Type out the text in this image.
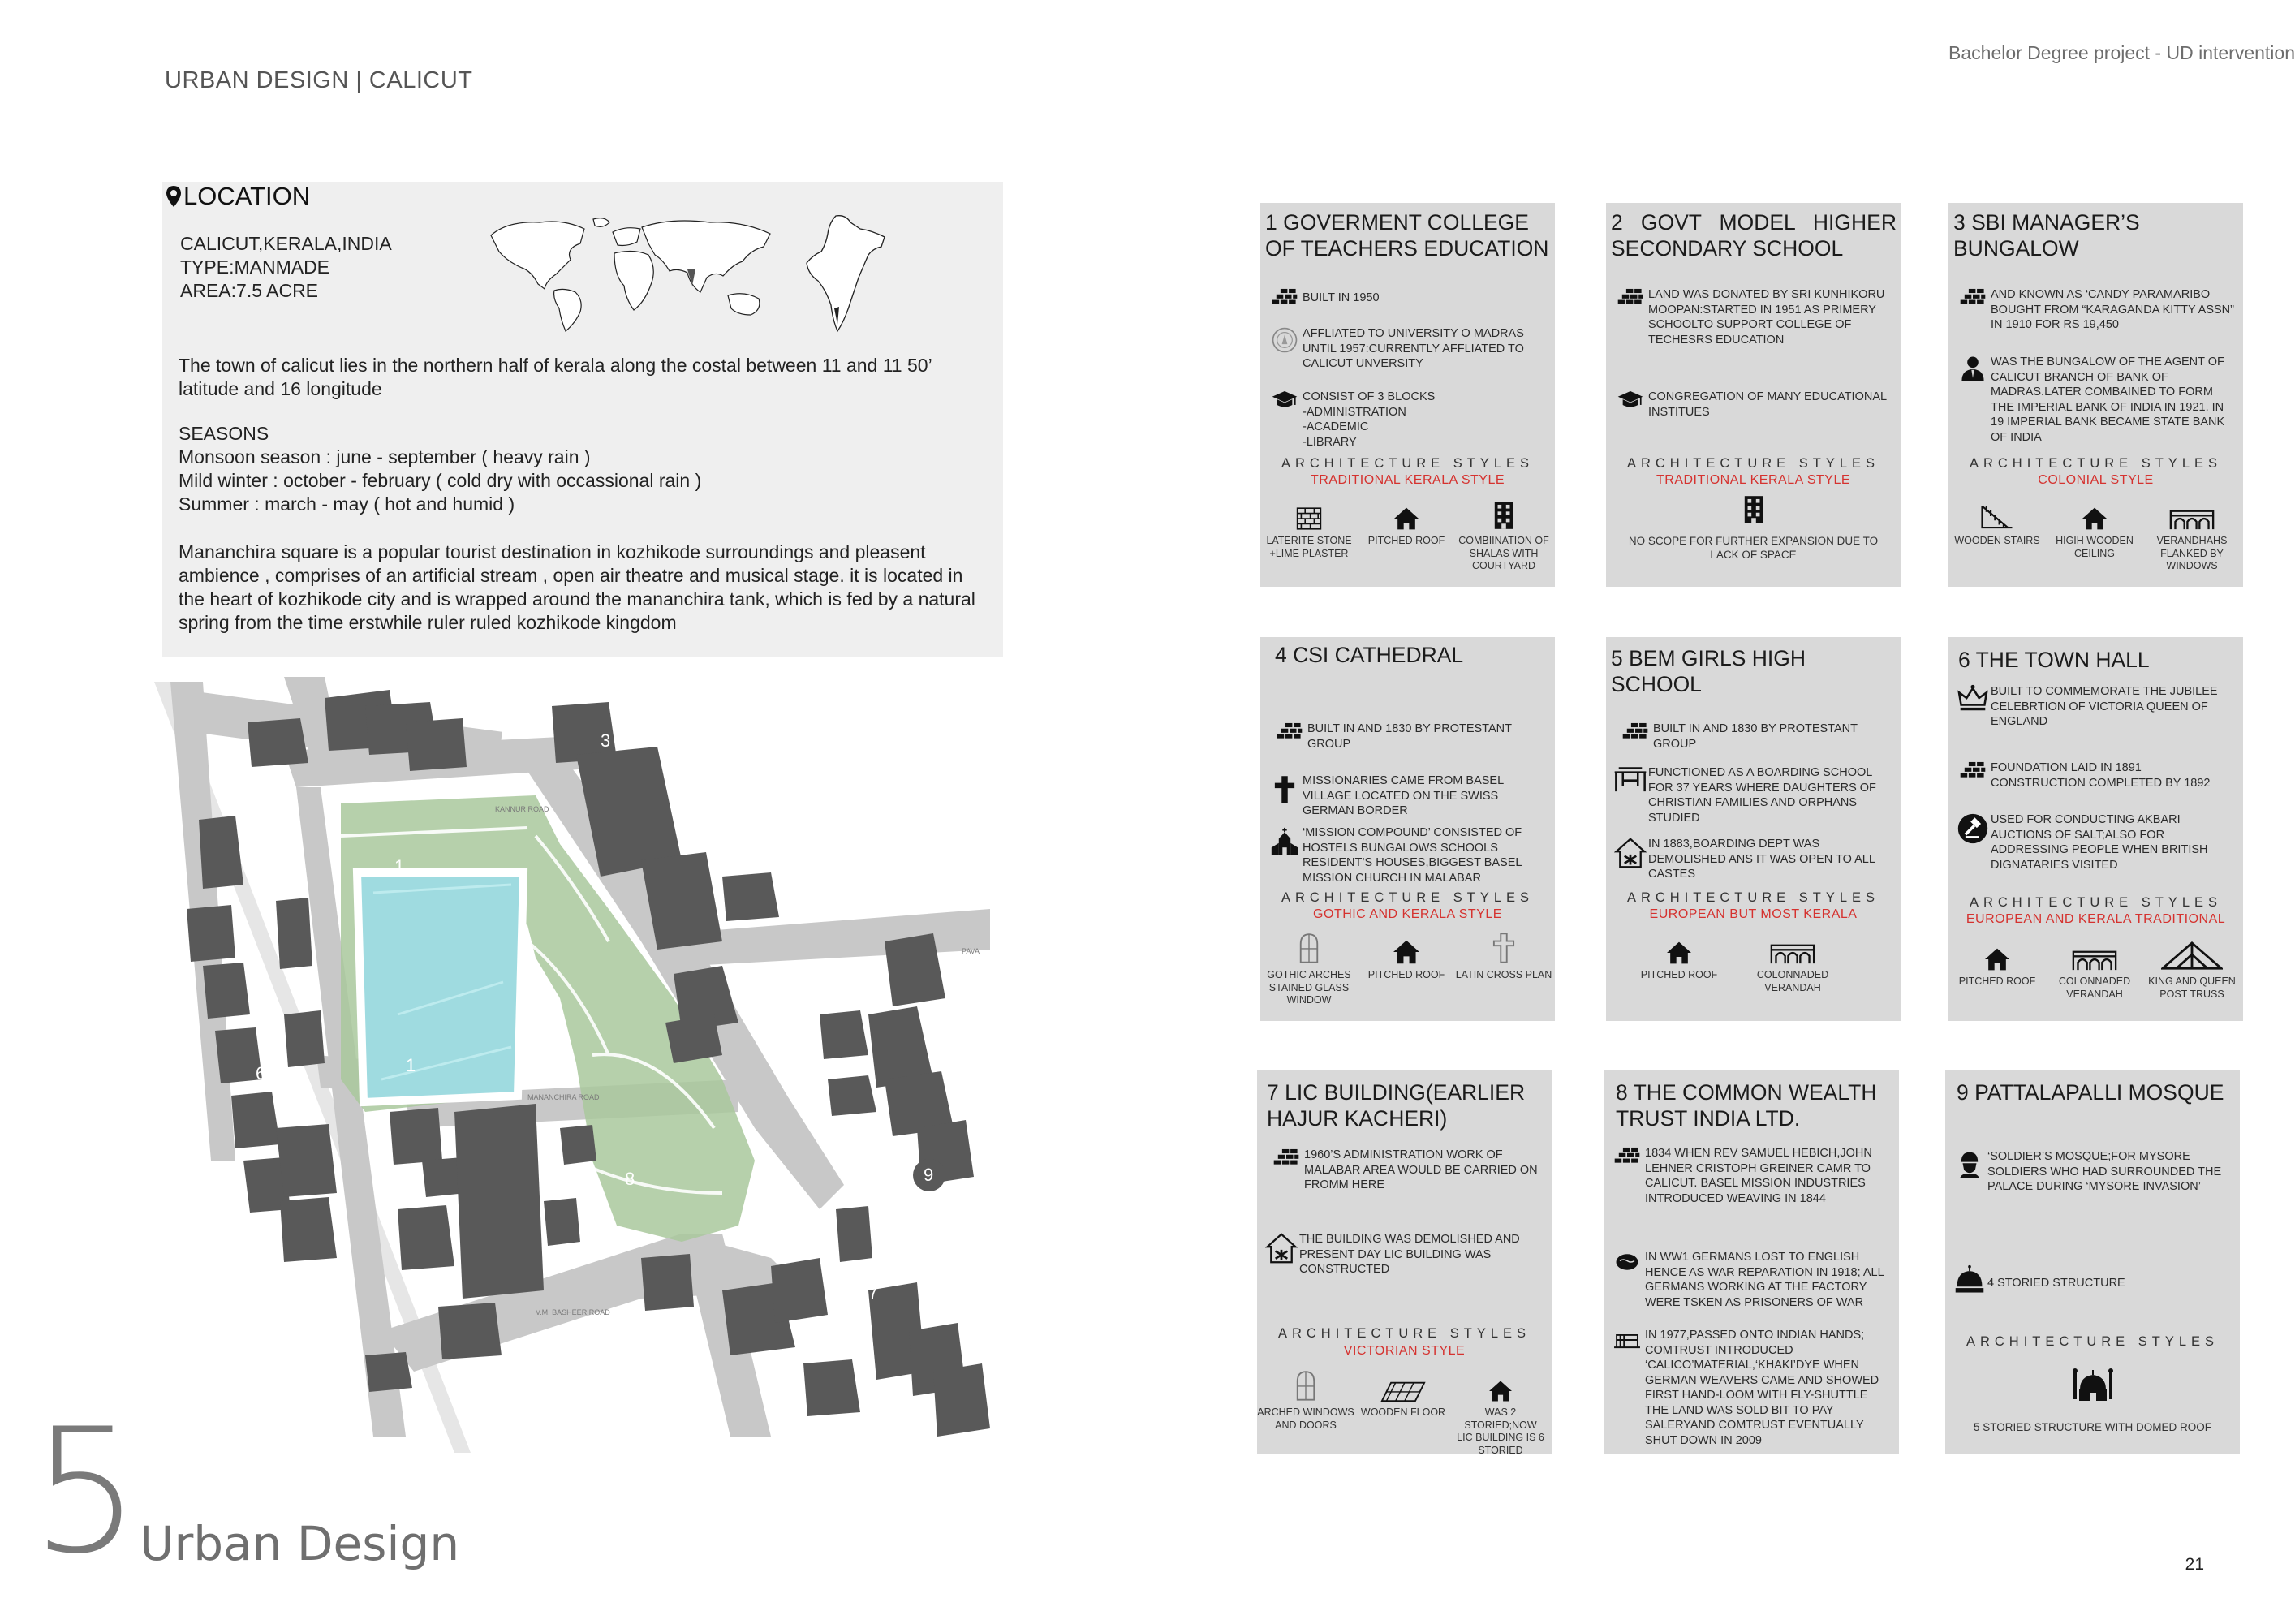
Bachelor Degree project - UD intervention
URBAN DESIGN | CALICUT
LOCATION
CALICUT,KERALA,INDIA
TYPE:MANMADE
AREA:7.5 ACRE
The town of calicut lies in the northern half of kerala along the costal between 11 and 11 50’ latitude and 16 longitude
SEASONS
Monsoon season : june - september ( heavy rain )
Mild winter : october - february ( cold dry with occassional rain )
Summer : march - may ( hot and humid )
Mananchira square is a popular tourist destination in kozhikode surroundings and pleasent ambience , comprises of an artificial stream , open air theatre and musical stage. it is located in the heart of kozhikode city and is wrapped around the mananchira tank, which is fed by a natural spring from the time erstwhile ruler ruled kozhikode kingdom
3	4
5
1
2
1
6
8
7
9
KANNUR ROAD
MANANCHIRA ROAD
V.M. BASHEER ROAD
PAVA
5 Urban Design	21
1 GOVERMENT COLLEGE OF TEACHERS EDUCATION
BUILT IN 1950
AFFLIATED TO UNIVERSITY O MADRAS UNTIL 1957:CURRENTLY AFFLIATED TO CALICUT UNVERSITY
CONSIST OF 3 BLOCKS
-ADMINISTRATION
-ACADEMIC
-LIBRARY
ARCHITECTURE STYLES
TRADITIONAL KERALA STYLE
LATERITE STONE +LIME PLASTER
PITCHED ROOF	COMBIINATION OF SHALAS WITH COURTYARD
2 GOVT MODEL HIGHER SECONDARY SCHOOL
LAND WAS DONATED BY SRI KUNHIKORU MOOPAN:STARTED IN 1951 AS PRIMERY SCHOOLTO SUPPORT COLLEGE OF TECHESRS EDUCATION
CONGREGATION OF MANY EDUCATIONAL INSTITUES
ARCHITECTURE STYLES
TRADITIONAL KERALA STYLE
NO SCOPE FOR FURTHER EXPANSION DUE TO LACK OF SPACE
3 SBI MANAGER’S BUNGALOW
AND KNOWN AS ‘CANDY PARAMARIBO BOUGHT FROM “KARAGANDA KITTY ASSN” IN 1910 FOR RS 19,450
WAS THE BUNGALOW OF THE AGENT OF CALICUT BRANCH OF BANK OF MADRAS.LATER COMBAINED TO FORM THE IMPERIAL BANK OF INDIA IN 1921. IN 19 IMPERIAL BANK BECAME STATE BANK OF INDIA
ARCHITECTURE STYLES
COLONIAL STYLE
WOODEN STAIRS	HIGIH WOODEN CEILING
VERANDHAHS FLANKED BY WINDOWS
4 CSI CATHEDRAL
BUILT IN AND 1830 BY PROTESTANT GROUP
MISSIONARIES CAME FROM BASEL VILLAGE LOCATED ON THE SWISS GERMAN BORDER
‘MISSION COMPOUND’ CONSISTED OF HOSTELS BUNGALOWS SCHOOLS RESIDENT’S HOUSES,BIGGEST BASEL MISSION CHURCH IN MALABAR
ARCHITECTURE STYLES
GOTHIC AND KERALA STYLE
GOTHIC ARCHES STAINED GLASS WINDOW
PITCHED ROOF	LATIN CROSS PLAN
5 BEM GIRLS HIGH SCHOOL
BUILT IN AND 1830 BY PROTESTANT GROUP
FUNCTIONED AS A BOARDING SCHOOL FOR 37 YEARS WHERE DAUGHTERS OF CHRISTIAN FAMILIES AND ORPHANS STUDIED
IN 1883,BOARDING DEPT WAS DEMOLISHED ANS IT WAS OPEN TO ALL CASTES
ARCHITECTURE STYLES
EUROPEAN BUT MOST KERALA
PITCHED ROOF	COLONNADED VERANDAH
6 THE TOWN HALL
BUILT TO COMMEMORATE THE JUBILEE CELEBRTION OF VICTORIA QUEEN OF ENGLAND
FOUNDATION LAID IN 1891 CONSTRUCTION COMPLETED BY 1892
USED FOR CONDUCTING AKBARI AUCTIONS OF SALT;ALSO FOR ADDRESSING PEOPLE WHEN BRITISH DIGNATARIES VISITED
ARCHITECTURE STYLES
EUROPEAN AND KERALA TRADITIONAL
PITCHED ROOF	COLONNADED VERANDAH
KING AND QUEEN POST TRUSS
7 LIC BUILDING(EARLIER HAJUR KACHERI)
1960’S ADMINISTRATION WORK OF MALABAR AREA WOULD BE CARRIED ON FROMM HERE
THE BUILDING WAS DEMOLISHED AND PRESENT DAY LIC BUILDING WAS CONSTRUCTED
ARCHITECTURE STYLES
VICTORIAN STYLE
ARCHED WINDOWS AND DOORS
WOODEN FLOOR	WAS 2 STORIED;NOW LIC BUILDING IS 6 STORIED
8 THE COMMON WEALTH TRUST INDIA LTD.
1834 WHEN REV SAMUEL HEBICH,JOHN LEHNER CRISTOPH GREINER CAMR TO CALICUT. BASEL MISSION INDUSTRIES INTRODUCED WEAVING IN 1844
IN WW1 GERMANS LOST TO ENGLISH HENCE AS WAR REPARATION IN 1918; ALL GERMANS WORKING AT THE FACTORY WERE TSKEN AS PRISONERS OF WAR
IN 1977,PASSED ONTO INDIAN HANDS; COMTRUST INTRODUCED ‘CALICO’MATERIAL,‘KHAKI’DYE WHEN GERMAN WEAVERS CAME AND SHOWED FIRST HAND-LOOM WITH FLY-SHUTTLE THE LAND WAS SOLD BIT TO PAY SALERYAND COMTRUST EVENTUALLY SHUT DOWN IN 2009
9 PATTALAPALLI MOSQUE
‘SOLDIER’S MOSQUE;FOR MYSORE SOLDIERS WHO HAD SURROUNDED THE PALACE DURING ‘MYSORE INVASION’
4 STORIED STRUCTURE
ARCHITECTURE STYLES
5 STORIED STRUCTURE WITH DOMED ROOF
